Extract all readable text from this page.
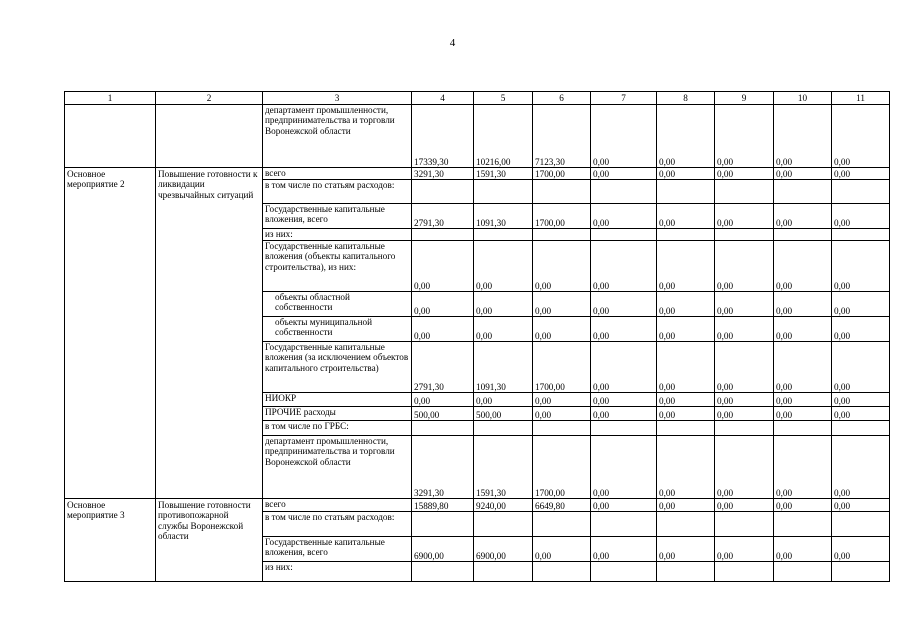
4
1	2	3	4	5	6	7	8	9	10	11
		департамент промышленности, предпринимательства и торговли Воронежской области	17339,30	10216,00	7123,30	0,00	0,00	0,00	0,00	0,00
Основное мероприятие 2	Повышение готовности к ликвидации чрезвычайных ситуаций	всего	3291,30	1591,30	1700,00	0,00	0,00	0,00	0,00	0,00
		в том числе по статьям расходов:								
		Государственные капитальные вложения, всего	2791,30	1091,30	1700,00	0,00	0,00	0,00	0,00	0,00
		из них:								
		Государственные капитальные вложения (объекты капитального строительства), из них:	0,00	0,00	0,00	0,00	0,00	0,00	0,00	0,00
		объекты областной собственности	0,00	0,00	0,00	0,00	0,00	0,00	0,00	0,00
		объекты муниципальной собственности	0,00	0,00	0,00	0,00	0,00	0,00	0,00	0,00
		Государственные капитальные вложения (за исключением объектов капитального строительства)	2791,30	1091,30	1700,00	0,00	0,00	0,00	0,00	0,00
		НИОКР	0,00	0,00	0,00	0,00	0,00	0,00	0,00	0,00
		ПРОЧИЕ расходы	500,00	500,00	0,00	0,00	0,00	0,00	0,00	0,00
		в том числе по ГРБС:								
		департамент промышленности, предпринимательства и торговли Воронежской области	3291,30	1591,30	1700,00	0,00	0,00	0,00	0,00	0,00
Основное мероприятие 3	Повышение готовности противопожарной службы Воронежской области	всего	15889,80	9240,00	6649,80	0,00	0,00	0,00	0,00	0,00
		в том числе по статьям расходов:								
		Государственные капитальные вложения, всего	6900,00	6900,00	0,00	0,00	0,00	0,00	0,00	0,00
		из них:								
